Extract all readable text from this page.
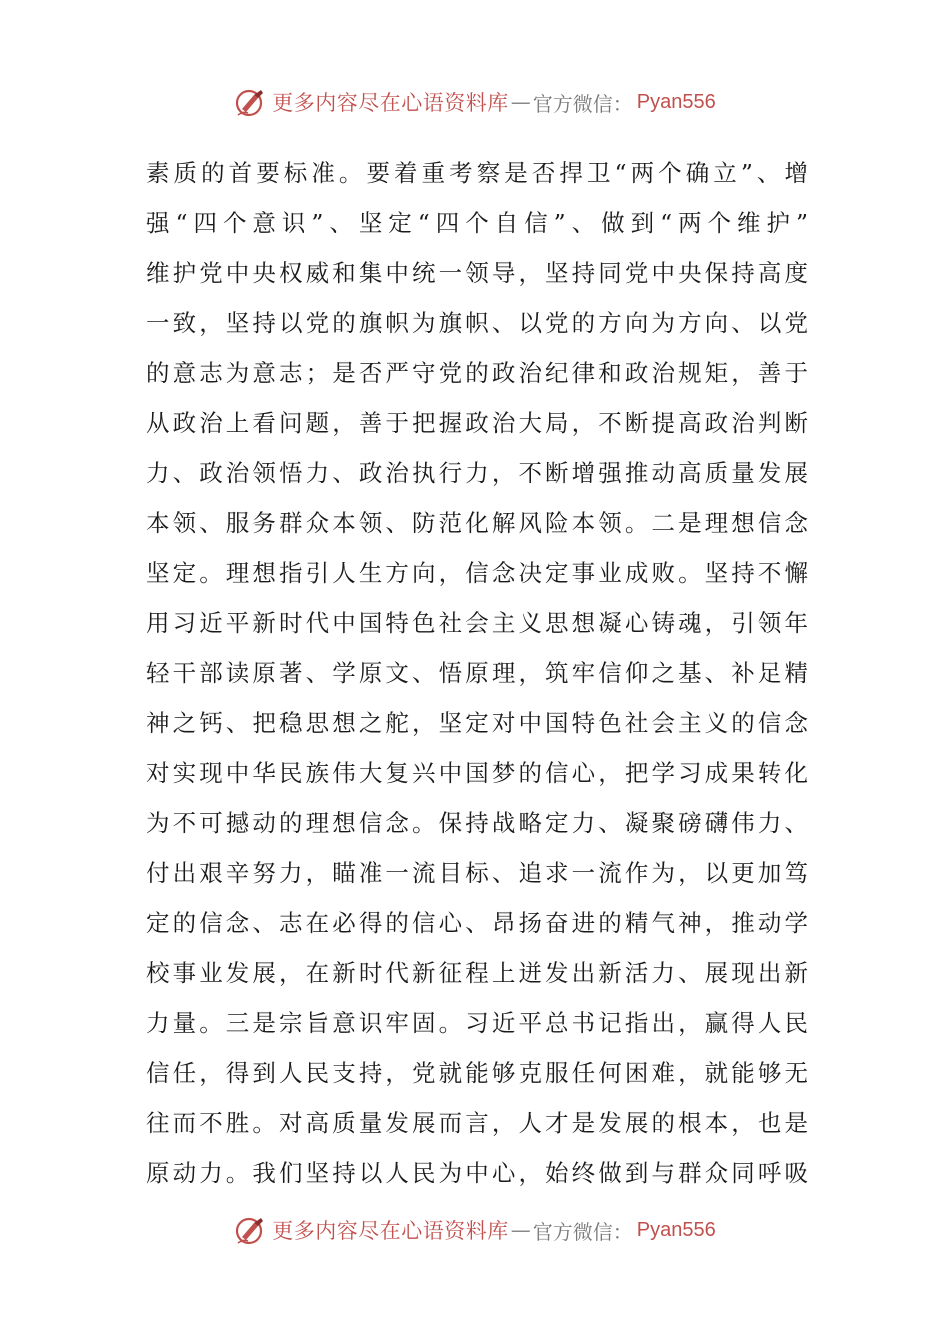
更多内容尽在心语资料库 — 官方微信： Pyan556
素质的首要标准。要着重考察是否捍卫“两个确立”、增
强“四个意识”、坚定“四个自信”、做到“两个维护”
维护党中央权威和集中统一领导，坚持同党中央保持高度
一致，坚持以党的旗帜为旗帜、以党的方向为方向、以党
的意志为意志；是否严守党的政治纪律和政治规矩，善于
从政治上看问题，善于把握政治大局，不断提高政治判断
力、政治领悟力、政治执行力，不断增强推动高质量发展
本领、服务群众本领、防范化解风险本领。二是理想信念
坚定。理想指引人生方向，信念决定事业成败。坚持不懈
用习近平新时代中国特色社会主义思想凝心铸魂，引领年
轻干部读原著、学原文、悟原理，筑牢信仰之基、补足精
神之钙、把稳思想之舵，坚定对中国特色社会主义的信念
对实现中华民族伟大复兴中国梦的信心，把学习成果转化
为不可撼动的理想信念。保持战略定力、凝聚磅礴伟力、
付出艰辛努力，瞄准一流目标、追求一流作为，以更加笃
定的信念、志在必得的信心、昂扬奋进的精气神，推动学
校事业发展，在新时代新征程上迸发出新活力、展现出新
力量。三是宗旨意识牢固。习近平总书记指出，赢得人民
信任，得到人民支持，党就能够克服任何困难，就能够无
往而不胜。对高质量发展而言，人才是发展的根本，也是
原动力。我们坚持以人民为中心，始终做到与群众同呼吸
更多内容尽在心语资料库 — 官方微信： Pyan556
